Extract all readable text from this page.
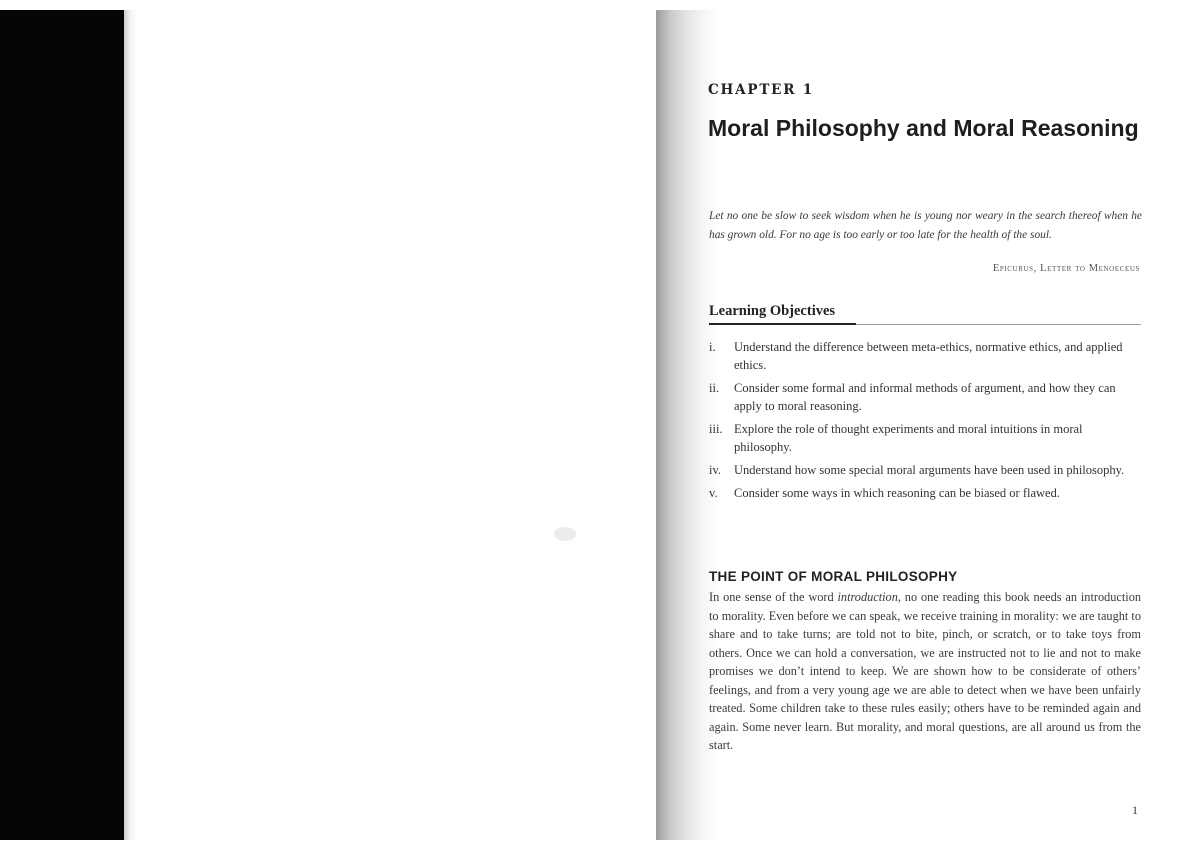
CHAPTER 1
Moral Philosophy and Moral Reasoning
Let no one be slow to seek wisdom when he is young nor weary in the search thereof when he has grown old. For no age is too early or too late for the health of the soul.
Epicurus, Letter to Menoeceus
Learning Objectives
i.	Understand the difference between meta-ethics, normative ethics, and applied ethics.
ii.	Consider some formal and informal methods of argument, and how they can apply to moral reasoning.
iii. Explore the role of thought experiments and moral intuitions in moral philosophy.
iv.	Understand how some special moral arguments have been used in philosophy.
v.	Consider some ways in which reasoning can be biased or flawed.
THE POINT OF MORAL PHILOSOPHY

In one sense of the word introduction, no one reading this book needs an introduction to morality. Even before we can speak, we receive training in morality: we are taught to share and to take turns; are told not to bite, pinch, or scratch, or to take toys from others. Once we can hold a conversation, we are instructed not to lie and not to make promises we don’t intend to keep. We are shown how to be considerate of others’ feelings, and from a very young age we are able to detect when we have been unfairly treated. Some children take to these rules easily; others have to be reminded again and again. Some never learn. But morality, and moral questions, are all around us from the start.

1
